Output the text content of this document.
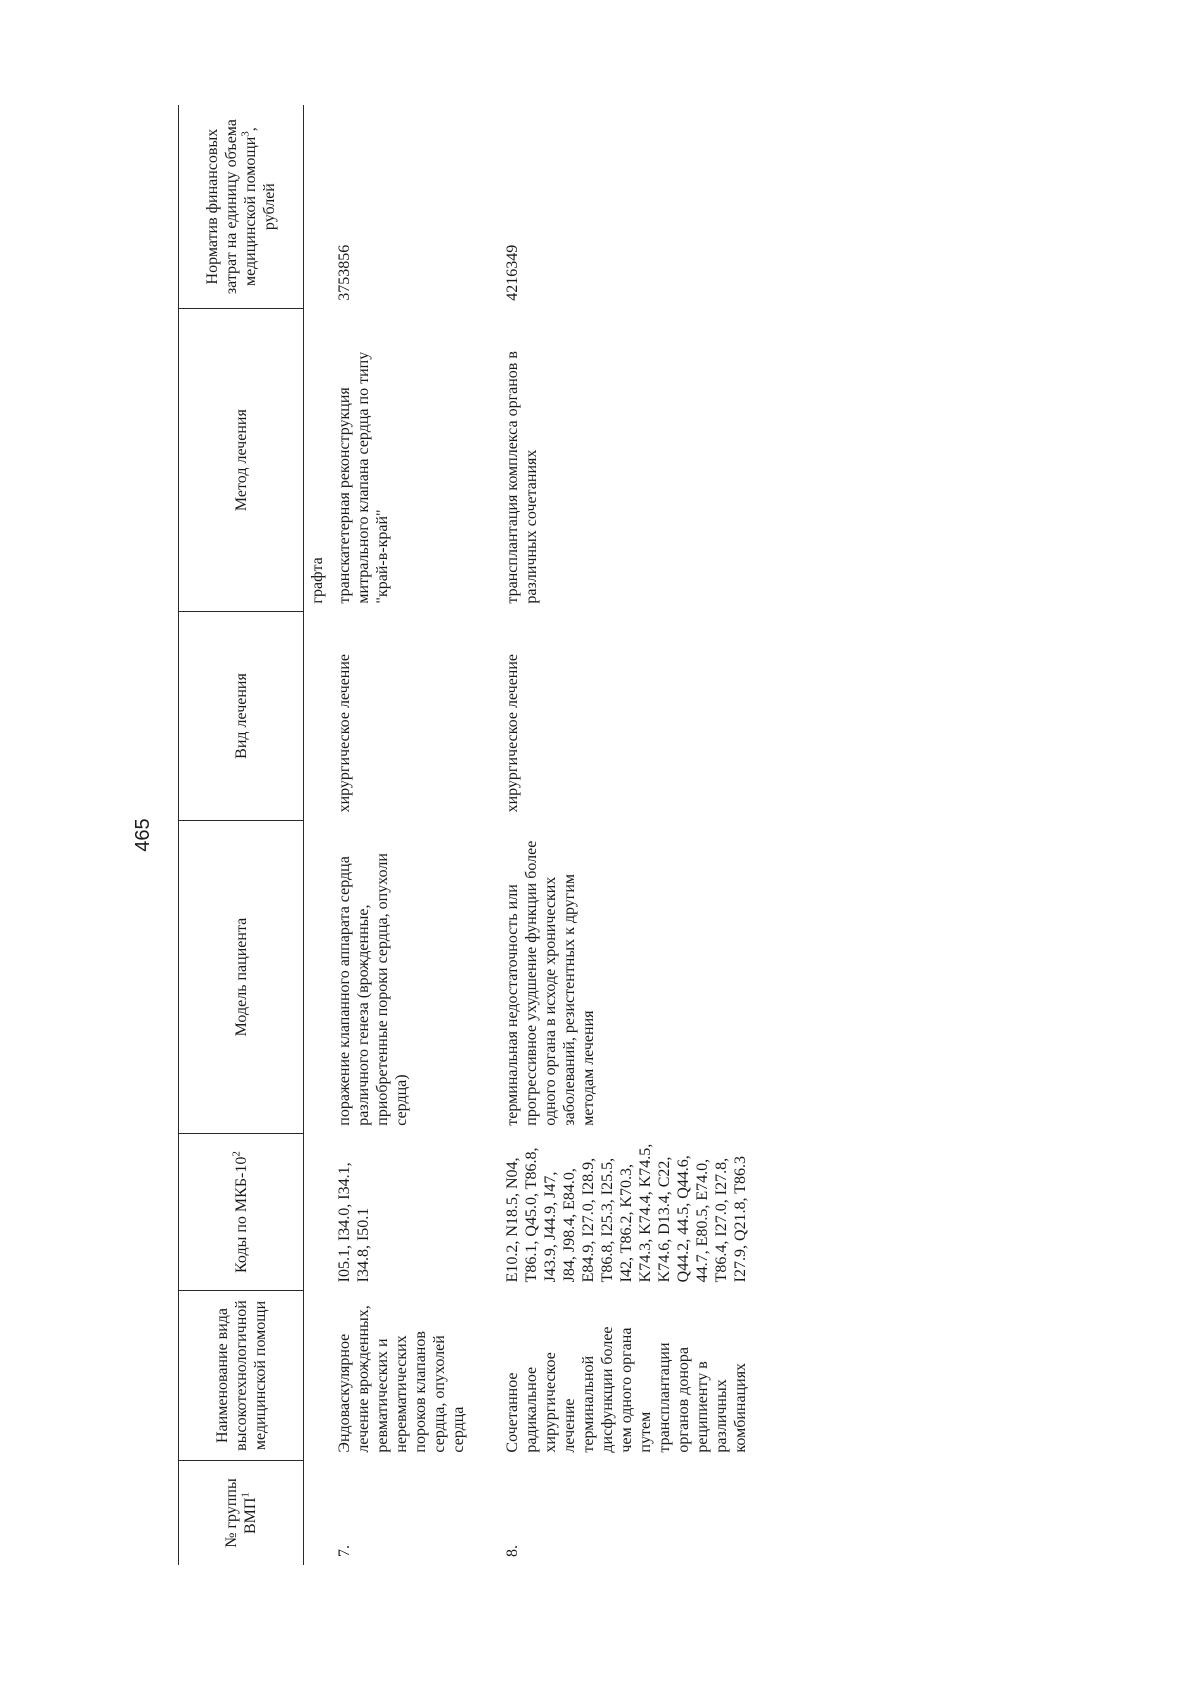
465
№ группы ВМП$^1$	Наименование вида высокотехнологичной медицинской помощи	Коды по МКБ-$10^2$	Модель пациента	Вид лечения	Метод лечения	Норматив финансовых затрат на единицу объема медицинской помощи$^3$, рублей
					графта	
7.	Эндоваскулярное лечение врожденных, ревматических и неревматических пороков клапанов сердца, опухолей сердца	I05.1, I34.0, I34.1, I34.8, I50.1	поражение клапанного аппарата сердца различного генеза (врожденные, приобретенные пороки сердца, опухоли сердца)	хирургическое лечение	транскатетерная реконструкция митрального клапана сердца по типу "край-в-край"	3753856
8.	Сочетанное радикальное хирургическое лечение терминальной дисфункции более чем одного органа путем трансплантации органов донора реципиенту в различных комбинациях	E10.2, N18.5, N04, T86.1, Q45.0, T86.8, J43.9, J44.9, J47, J84, J98.4, E84.0, E84.9, I27.0, I28.9, T86.8, I25.3, I25.5, I42, T86.2, K70.3, K74.3, K74.4, K74.5, K74.6, D13.4, C22, Q44.2, 44.5, Q44.6, 44.7, E80.5, E74.0, T86.4, I27.0, I27.8, I27.9, Q21.8, T86.3	терминальная недостаточность или прогрессивное ухудшение функции более одного органа в исходе хронических заболеваний, резистентных к другим методам лечения	хирургическое лечение	трансплантация комплекса органов в различных сочетаниях	4216349
